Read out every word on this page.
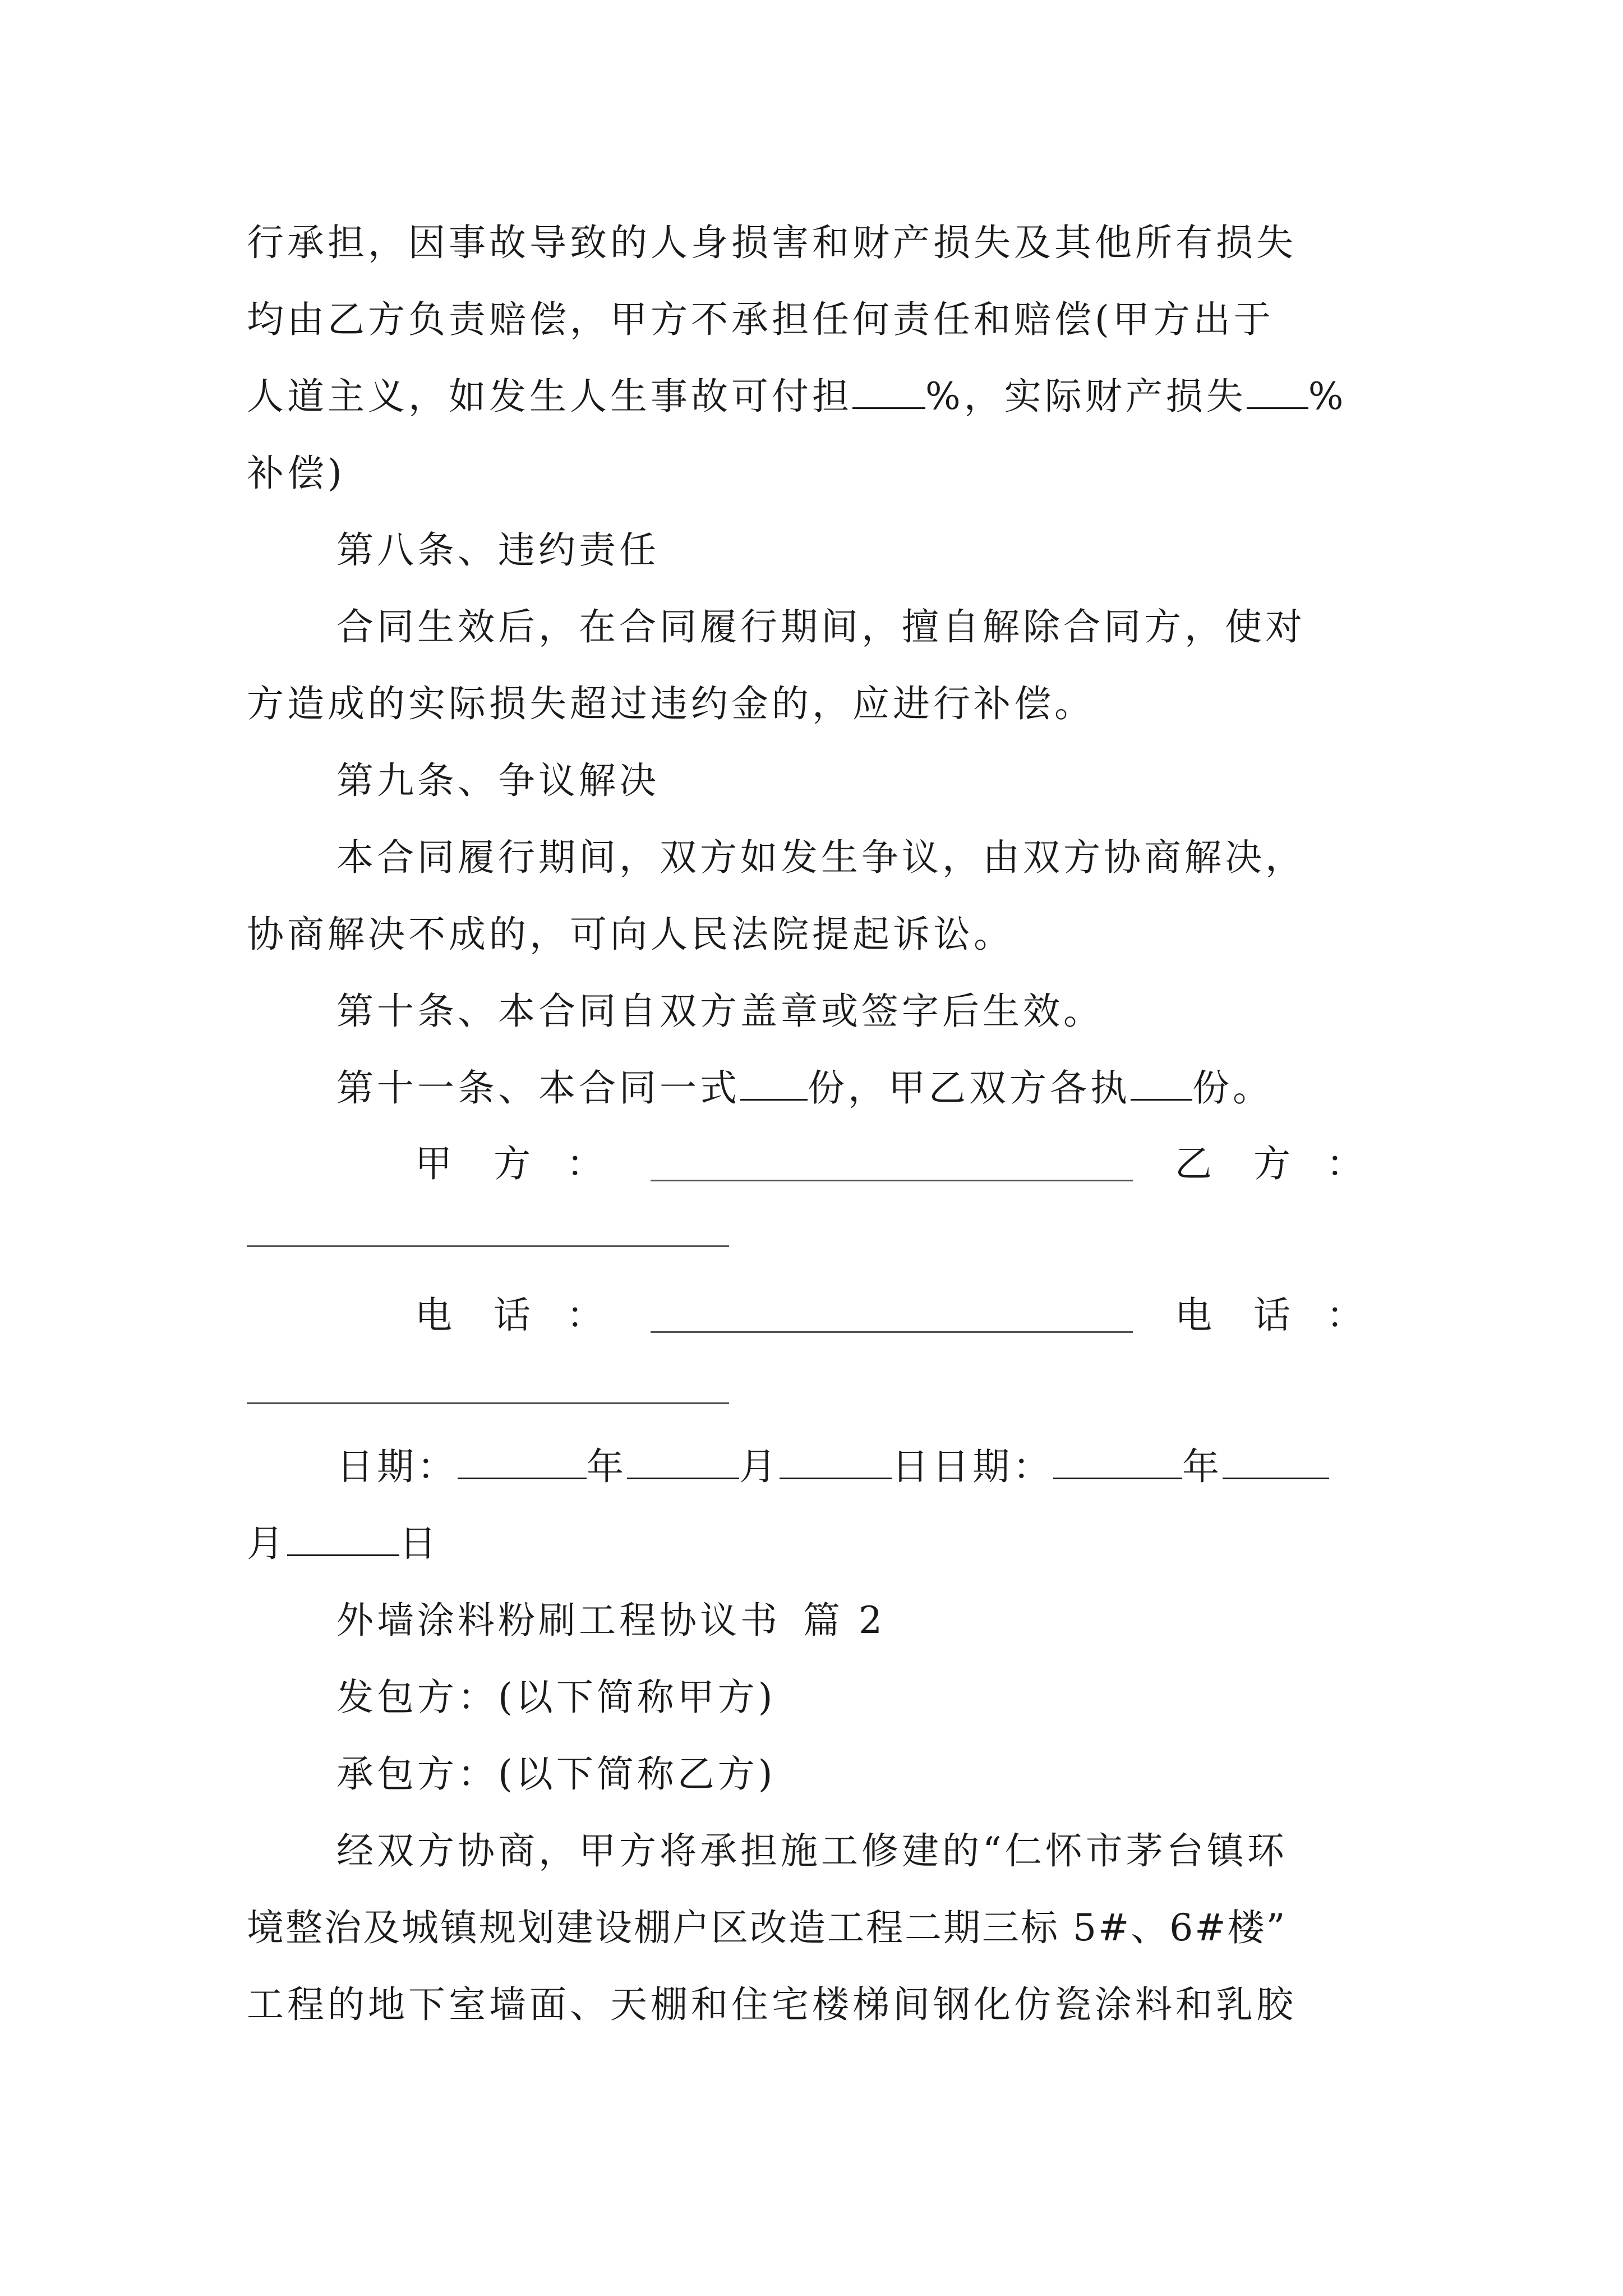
行承担，因事故导致的人身损害和财产损失及其他所有损失
均由乙方负责赔偿，甲方不承担任何责任和赔偿(甲方出于
人道主义，如发生人生事故可付担 %，实际财产损失 %
补偿)
第八条、违约责任
合同生效后，在合同履行期间，擅自解除合同方，使对
方造成的实际损失超过违约金的，应进行补偿。
第九条、争议解决
本合同履行期间，双方如发生争议，由双方协商解决，
协商解决不成的，可向人民法院提起诉讼。
第十条、本合同自双方盖章或签字后生效。
第十一条、本合同一式 份，甲乙双方各执 份。
甲 方 ：	乙 方 ：
电 话 ：	电 话 ：
日期：	年	月	日日期：	年
月	日
外墙涂料粉刷工程协议书 篇 2
发包方：(以下简称甲方)
承包方：(以下简称乙方)
经双方协商，甲方将承担施工修建的“仁怀市茅台镇环
境整治及城镇规划建设棚户区改造工程二期三标 5#、6#楼”
工程的地下室墙面、天棚和住宅楼梯间钢化仿瓷涂料和乳胶
